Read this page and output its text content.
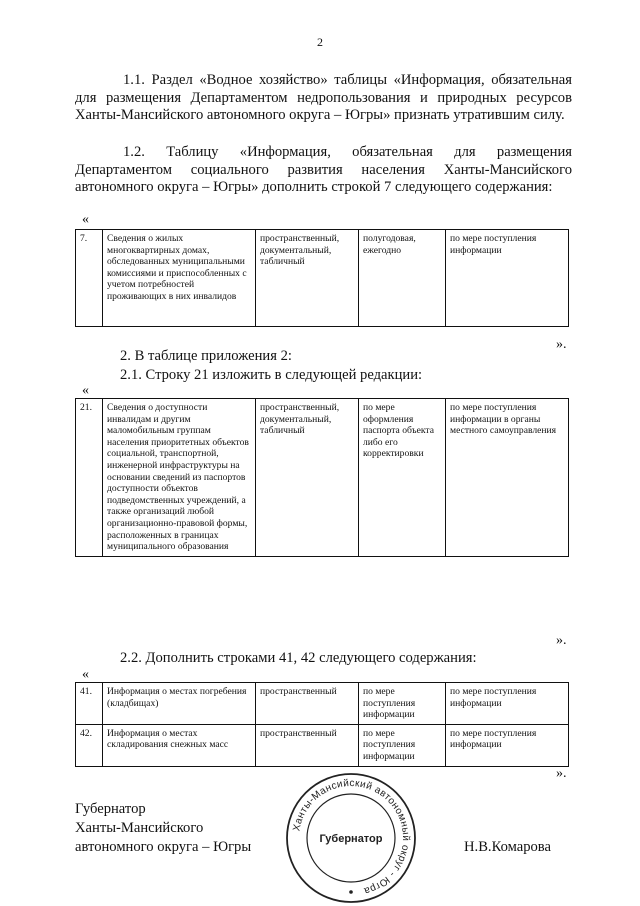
2
1.1. Раздел «Водное хозяйство» таблицы «Информация, обязательная для размещения Департаментом недропользования и природных ресурсов Ханты-Мансийского автономного округа – Югры» признать утратившим силу.
1.2. Таблицу «Информация, обязательная для размещения Департаментом социального развития населения Ханты-Мансийского автономного округа – Югры» дополнить строкой 7 следующего содержания:
«
7.	Сведения о жилых многоквартирных домах, обследованных муниципальными комиссиями и приспособленных с учетом потребностей проживающих в них инвалидов	пространственный, документальный, табличный	полугодовая, ежегодно	по мере поступления информации
».
2. В таблице приложения 2:
2.1. Строку 21 изложить в следующей редакции:
«
21.	Сведения о доступности инвалидам и другим маломобильным группам населения приоритетных объектов социальной, транспортной, инженерной инфраструктуры на основании сведений из паспортов доступности объектов подведомственных учреждений, а также организаций любой организационно-правовой формы, расположенных в границах муниципального образования	пространственный, документальный, табличный	по мере оформления паспорта объекта либо его корректировки	по мере поступления информации в органы местного самоуправления
».
2.2. Дополнить строками 41, 42 следующего содержания:
«
41.	Информация о местах погребения (кладбищах)	пространственный	по мере поступления информации	по мере поступления информации
42.	Информация о местах складирования снежных масс	пространственный	по мере поступления информации	по мере поступления информации
».
Губернатор
Ханты-Мансийского
автономного округа – Югры	Н.В.Комарова
Ханты-Мансийский автономный округ - Югра
Губернатор
